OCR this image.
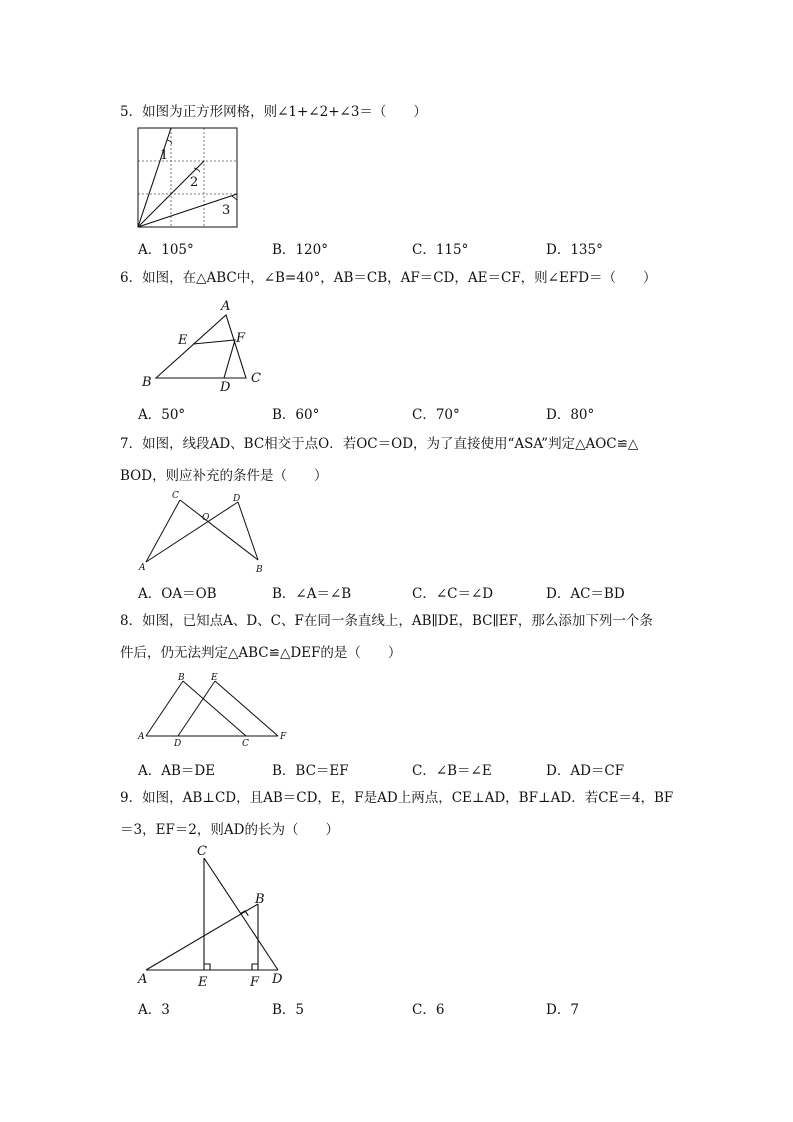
5．如图为正方形网格，则∠1+∠2+∠3＝（　　）

1
2
3
A．105°	B．120°	C．115°	D．135°

6．如图，在△ABC中，∠B=40°，AB＝CB，AF＝CD，AE＝CF，则∠EFD＝（　　）

A
E	F
B	D
C
A．50°	B．60°	C．70°	D．80°

7．如图，线段AD、BC相交于点O．若OC＝OD，为了直接使用“ASA”判定△AOC≌△

BOD，则应补充的条件是（　　）

C	D
O
A	B
A．OA＝OB	B．∠A＝∠B	C．∠C＝∠D	D．AC＝BD

8．如图，已知点A、D、C、F在同一条直线上，AB∥DE，BC∥EF，那么添加下列一个条

件后，仍无法判定△ABC≌△DEF的是（　　）

B	E
A
D	C
F
A．AB＝DE	B．BC＝EF	C．∠B＝∠E	D．AD＝CF

9．如图，AB⊥CD，且AB＝CD，E，F是AD上两点，CE⊥AD，BF⊥AD．若CE＝4，BF

＝3，EF＝2，则AD的长为（　　）

C
B
A	E	F D
A．3	B．5	C．6	D．7
